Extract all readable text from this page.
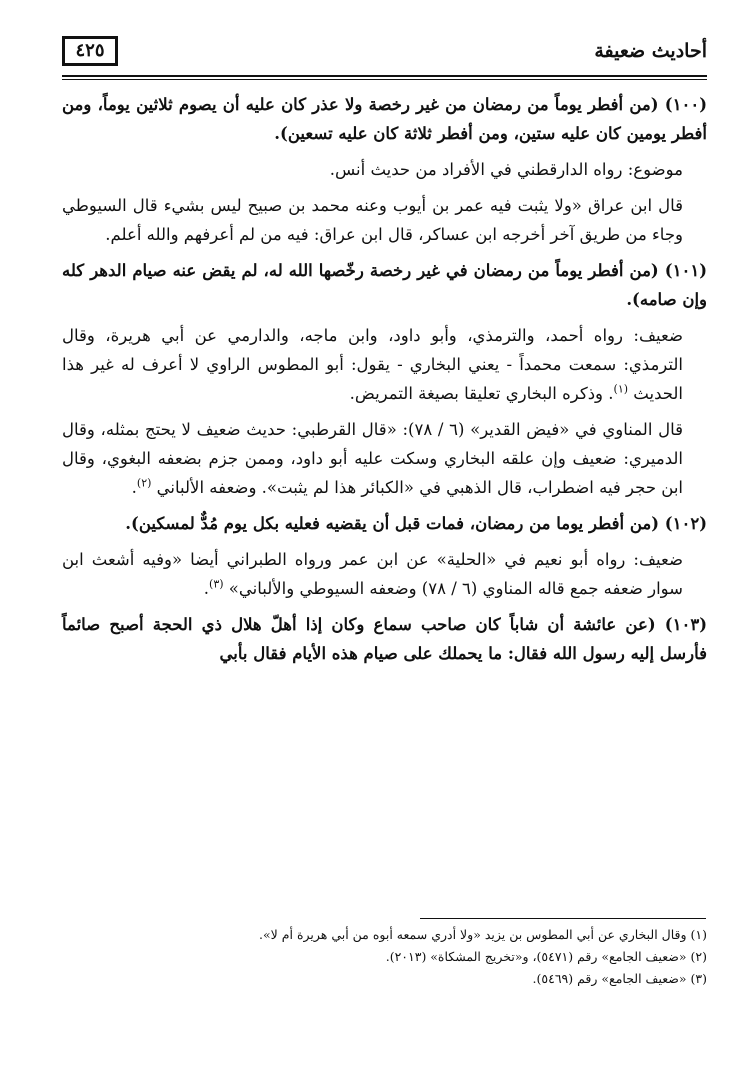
أحاديث ضعيفة
٤٢٥

(١٠٠) (من أفطر يوماً من رمضان من غير رخصة ولا عذر كان عليه أن يصوم ثلاثين يوماً، ومن أفطر يومين كان عليه ستين، ومن أفطر ثلاثة كان عليه تسعين).

موضوع: رواه الدارقطني في الأفراد من حديث أنس.

قال ابن عراق «ولا يثبت فيه عمر بن أيوب وعنه محمد بن صبيح ليس بشيء قال السيوطي وجاء من طريق آخر أخرجه ابن عساكر، قال ابن عراق: فيه من لم أعرفهم والله أعلم.

(١٠١) (من أفطر يوماً من رمضان في غير رخصة رخّصها الله له، لم يقض عنه صيام الدهر كله وإن صامه).

ضعيف: رواه أحمد، والترمذي، وأبو داود، وابن ماجه، والدارمي عن أبي هريرة، وقال الترمذي: سمعت محمداً - يعني البخاري - يقول: أبو المطوس الراوي لا أعرف له غير هذا الحديث $^{(١)}$. وذكره البخاري تعليقا بصيغة التمريض.

قال المناوي في «فيض القدير» (٦ / ٧٨): «قال القرطبي: حديث ضعيف لا يحتج بمثله، وقال الدميري: ضعيف وإن علقه البخاري وسكت عليه أبو داود، وممن جزم بضعفه البغوي، وقال ابن حجر فيه اضطراب، قال الذهبي في «الكبائر هذا لم يثبت». وضعفه الألباني $^{(٢)}$.

(١٠٢) (من أفطر يوما من رمضان، فمات قبل أن يقضيه فعليه بكل يوم مُدٌّ لمسكين).

ضعيف: رواه أبو نعيم في «الحلية» عن ابن عمر ورواه الطبراني أيضا «وفيه أشعث ابن سوار ضعفه جمع قاله المناوي (٦ / ٧٨) وضعفه السيوطي والألباني» $^{(٣)}$.

(١٠٣) (عن عائشة أن شاباً كان صاحب سماع وكان إذا أهلّ هلال ذي الحجة أصبح صائماً فأرسل إليه رسول الله فقال: ما يحملك على صيام هذه الأيام فقال بأبي

(١) وقال البخاري عن أبي المطوس بن يزيد «ولا أدري سمعه أبوه من أبي هريرة أم لا».
(٢) «ضعيف الجامع» رقم (٥٤٧١)، و«تخريج المشكاة» (٢٠١٣).
(٣) «ضعيف الجامع» رقم (٥٤٦٩).
